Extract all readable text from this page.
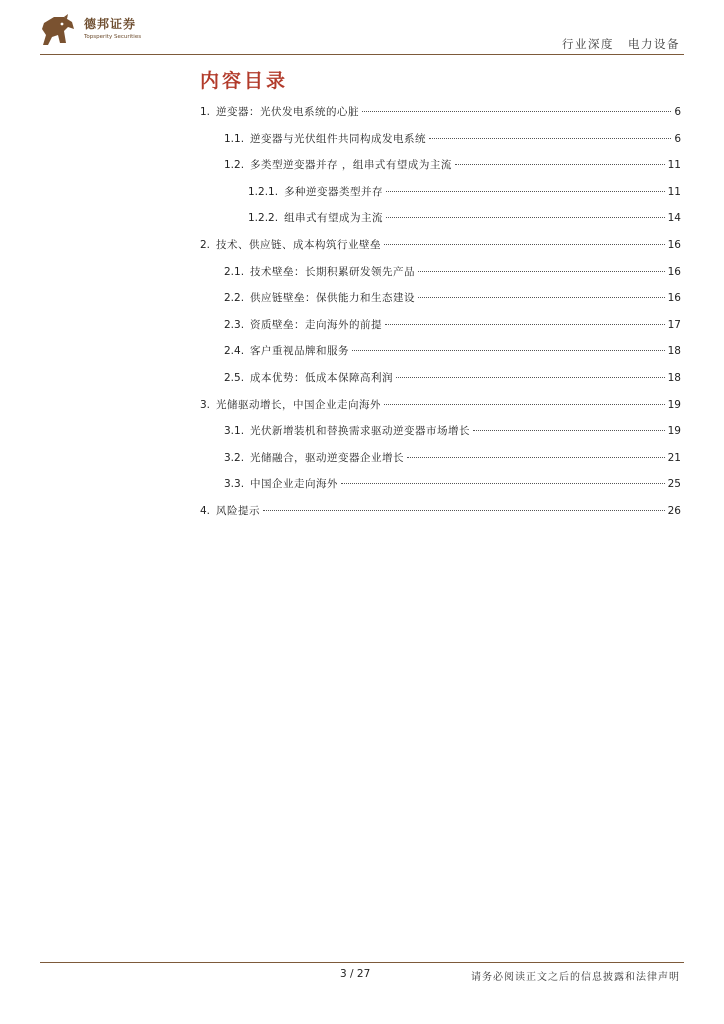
德邦证券
Topsperity Securities	行业深度 电力设备
内容目录
1. 逆变器：光伏发电系统的心脏	6
1.1. 逆变器与光伏组件共同构成发电系统	6
1.2. 多类型逆变器并存 ，组串式有望成为主流	11
1.2.1. 多种逆变器类型并存	11
1.2.2. 组串式有望成为主流	14
2. 技术、供应链、成本构筑行业壁垒	16
2.1. 技术壁垒：长期积累研发领先产品	16
2.2. 供应链壁垒：保供能力和生态建设	16
2.3. 资质壁垒：走向海外的前提	17
2.4. 客户重视品牌和服务	18
2.5. 成本优势：低成本保障高利润	18
3. 光储驱动增长，中国企业走向海外	19
3.1. 光伏新增装机和替换需求驱动逆变器市场增长	19
3.2. 光储融合，驱动逆变器企业增长	21
3.3. 中国企业走向海外	25
4. 风险提示	26
3 / 27	请务必阅读正文之后的信息披露和法律声明
